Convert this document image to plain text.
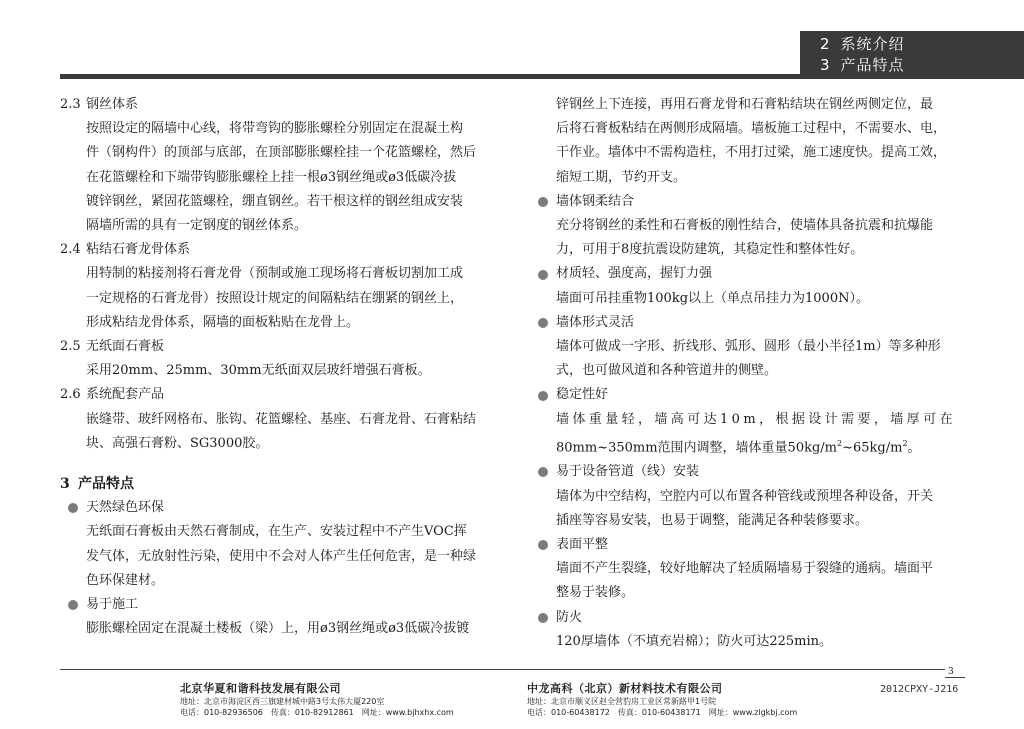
2 系统介绍
3 产品特点
2.3 钢丝体系
按照设定的隔墙中心线，将带弯钩的膨胀螺栓分别固定在混凝土构
件（钢构件）的顶部与底部，在顶部膨胀螺栓挂一个花篮螺栓，然后
在花篮螺栓和下端带钩膨胀螺栓上挂一根ø3钢丝绳或ø3低碳冷拔
镀锌钢丝，紧固花篮螺栓，绷直钢丝。若干根这样的钢丝组成安装
隔墙所需的具有一定钢度的钢丝体系。
2.4 粘结石膏龙骨体系
用特制的粘接剂将石膏龙骨（预制或施工现场将石膏板切割加工成
一定规格的石膏龙骨）按照设计规定的间隔粘结在绷紧的钢丝上，
形成粘结龙骨体系，隔墙的面板粘贴在龙骨上。
2.5 无纸面石膏板
采用20mm、25mm、30mm无纸面双层玻纤增强石膏板。
2.6 系统配套产品
嵌缝带、玻纤网格布、胀钩、花篮螺栓、基座、石膏龙骨、石膏粘结
块、高强石膏粉、SG3000胶。
3 产品特点
天然绿色环保
无纸面石膏板由天然石膏制成，在生产、安装过程中不产生VOC挥
发气体，无放射性污染，使用中不会对人体产生任何危害，是一种绿
色环保建材。
易于施工
膨胀螺栓固定在混凝土楼板（梁）上，用ø3钢丝绳或ø3低碳冷拔镀
锌钢丝上下连接，再用石膏龙骨和石膏粘结块在钢丝两侧定位，最
后将石膏板粘结在两侧形成隔墙。墙板施工过程中，不需要水、电，
干作业。墙体中不需构造柱，不用打过梁，施工速度快。提高工效，
缩短工期，节约开支。
墙体钢柔结合
充分将钢丝的柔性和石膏板的刚性结合，使墙体具备抗震和抗爆能
力，可用于8度抗震设防建筑，其稳定性和整体性好。
材质轻、强度高，握钉力强
墙面可吊挂重物100kg以上（单点吊挂力为1000N）。
墙体形式灵活
墙体可做成一字形、折线形、弧形、圆形（最小半径1m）等多种形
式，也可做风道和各种管道井的侧壁。
稳定性好
墙体重量轻，墙高可达10m，根据设计需要，墙厚可在
80mm~350mm范围内调整，墙体重量$50kg/m^2\sim 65kg/m^2$。
易于设备管道（线）安装
墙体为中空结构，空腔内可以布置各种管线或预埋各种设备，开关
插座等容易安装，也易于调整，能满足各种装修要求。
表面平整
墙面不产生裂缝，较好地解决了轻质隔墙易于裂缝的通病。墙面平
整易于装修。
防火
120厚墙体（不填充岩棉）；防火可达225min。
3
北京华夏和谐科技发展有限公司
地址：北京市海淀区西三旗建材城中路3号太伟大厦220室
电话：010-82936506　传真：010-82912861　网址：www.bjhxhx.com
中龙高科（北京）新材料技术有限公司
地址：北京市顺义区赵全营豹房工业区常新路甲1号院
电话：010-60438172　传真：010-60438171　网址：www.zlgkbj.com
2012CPXY-J216
